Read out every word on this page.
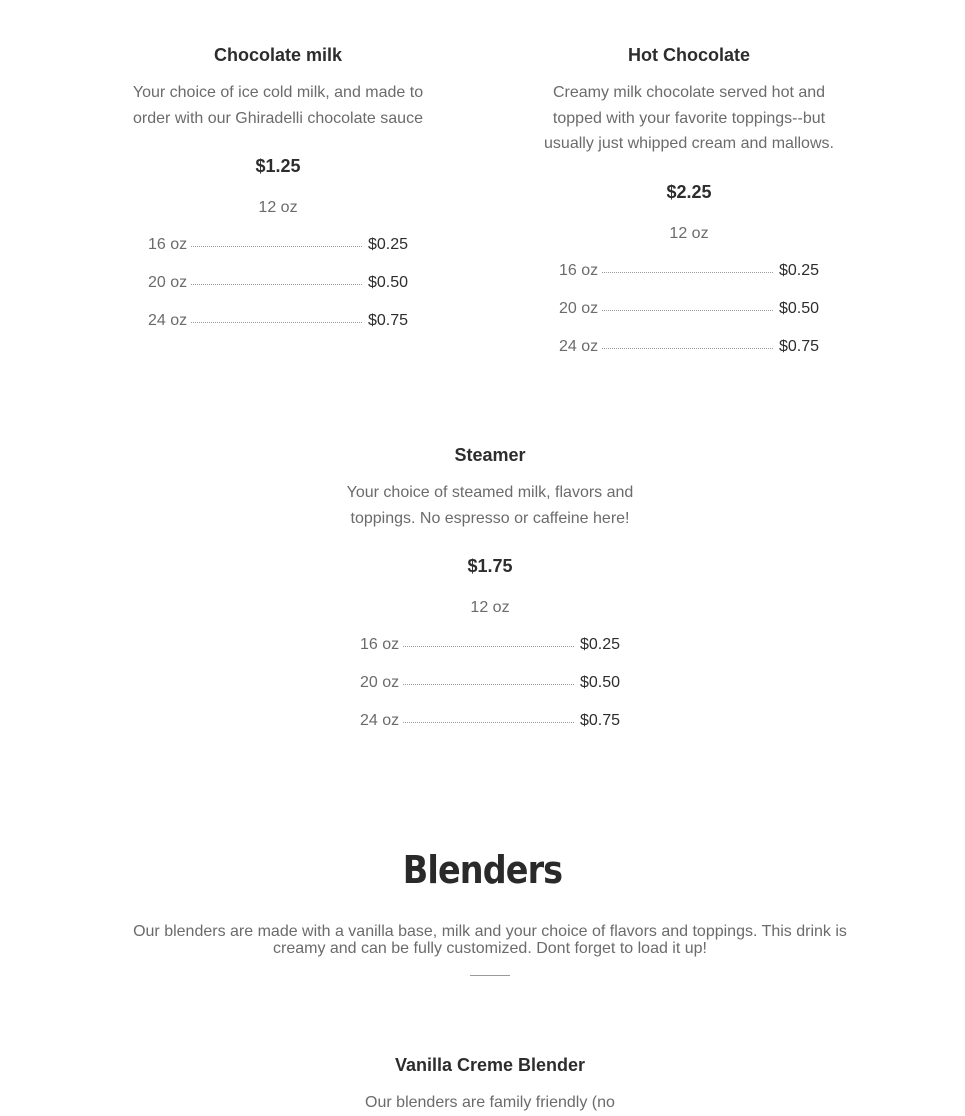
Chocolate milk

Your choice of ice cold milk, and made to order with our Ghiradelli chocolate sauce

$1.25
12 oz
16 oz	$0.25
20 oz	$0.50
24 oz	$0.75
Hot Chocolate

Creamy milk chocolate served hot and topped with your favorite toppings--but usually just whipped cream and mallows.

$2.25
12 oz
16 oz	$0.25
20 oz	$0.50
24 oz	$0.75
Steamer

Your choice of steamed milk, flavors and toppings. No espresso or caffeine here!

$1.75
12 oz
16 oz	$0.25
20 oz	$0.50
24 oz	$0.75
Blenders

Our blenders are made with a vanilla base, milk and your choice of flavors and toppings. This drink is creamy and can be fully customized. Dont forget to load it up!

Vanilla Creme Blender

Our blenders are family friendly (no
